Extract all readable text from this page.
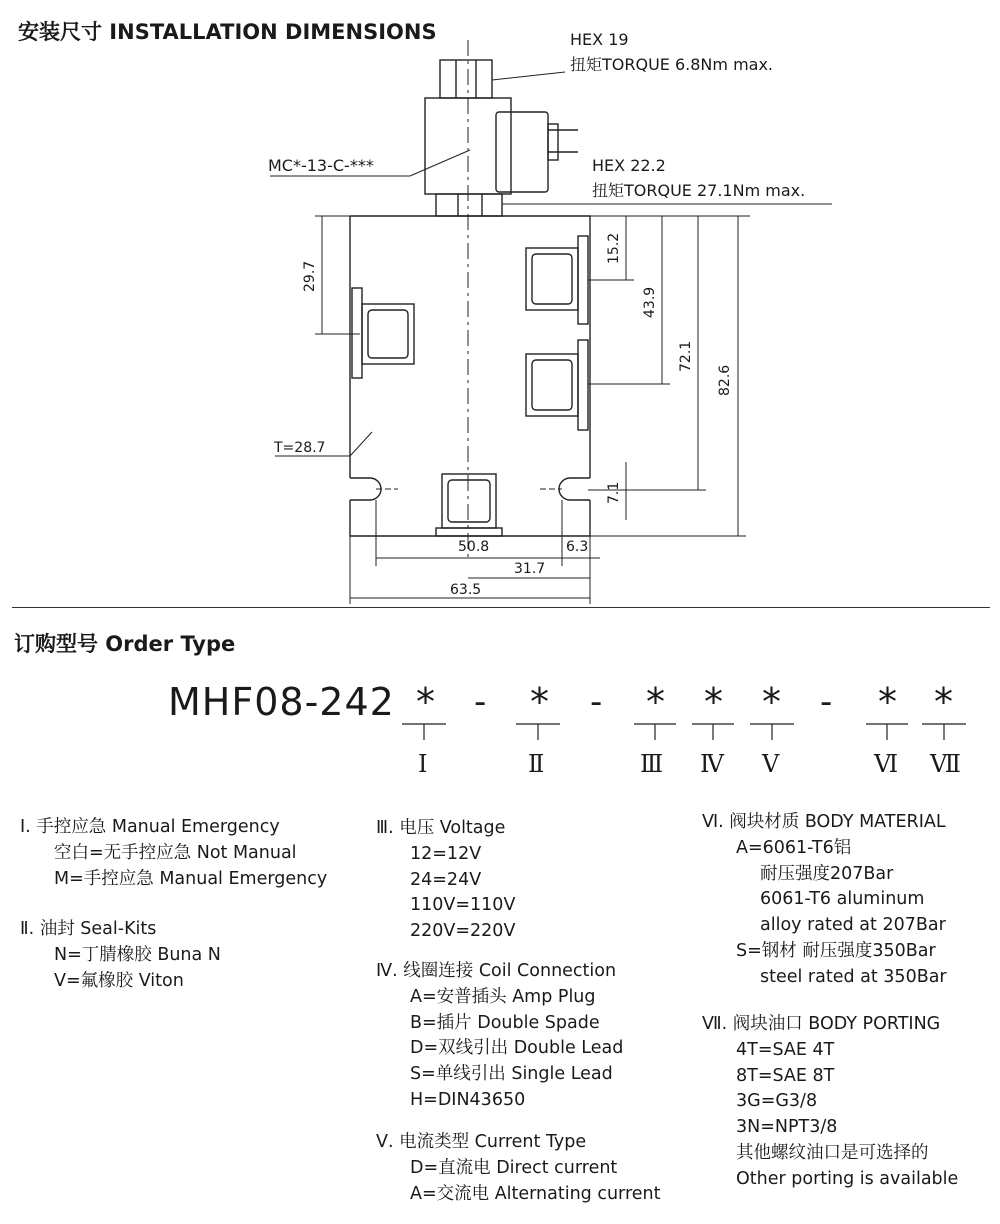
安装尺寸 INSTALLATION DIMENSIONS	HEX 19
扭矩TORQUE 6.8Nm max.
MC*-13-C-***	HEX 22.2
扭矩TORQUE 27.1Nm max.
T=28.7
29.7
15.2
43.9
72.1
82.6
7.1
50.8	6.3
31.7
63.5
订购型号 Order Type
MHF08-242 * - * - * * * - * *
Ⅰ	Ⅱ	Ⅲ Ⅳ Ⅴ	Ⅵ Ⅶ
Ⅰ. 手控应急 Manual Emergency
空白=无手控应急 Not Manual
M=手控应急 Manual Emergency
Ⅱ. 油封 Seal-Kits
N=丁腈橡胶 Buna N
V=氟橡胶 Viton
Ⅲ. 电压 Voltage
12=12V
24=24V
110V=110V
220V=220V
Ⅳ. 线圈连接 Coil Connection
A=安普插头 Amp Plug
B=插片 Double Spade
D=双线引出 Double Lead
S=单线引出 Single Lead
H=DIN43650
Ⅴ. 电流类型 Current Type
D=直流电 Direct current
A=交流电 Alternating current
Ⅵ. 阀块材质 BODY MATERIAL
A=6061-T6铝
耐压强度207Bar
6061-T6 aluminum
alloy rated at 207Bar
S=钢材 耐压强度350Bar
steel rated at 350Bar
Ⅶ. 阀块油口 BODY PORTING
4T=SAE 4T
8T=SAE 8T
3G=G3/8
3N=NPT3/8
其他螺纹油口是可选择的
Other porting is available
